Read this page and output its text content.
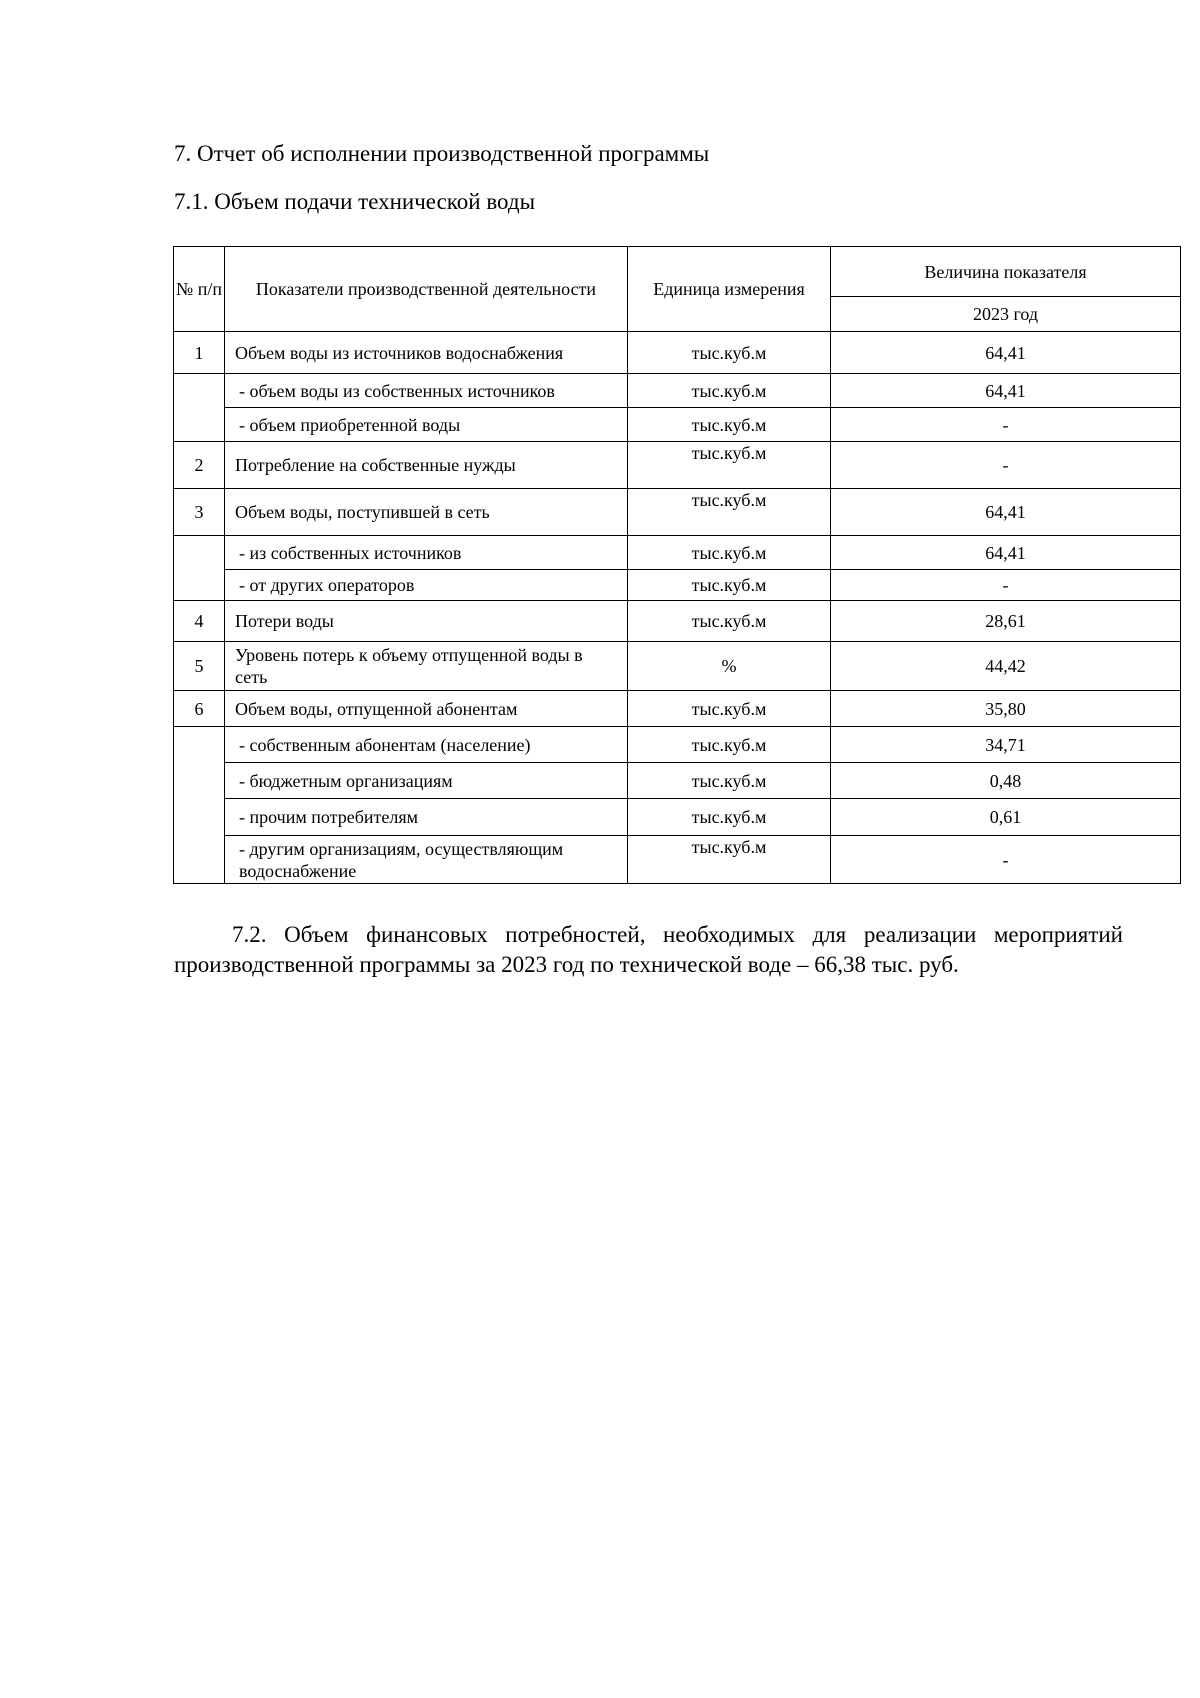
7. Отчет об исполнении производственной программы

7.1. Объем подачи технической воды

№ п/п	Показатели производственной деятельности	Единица измерения	Величина показателя
			2023 год
1	Объем воды из источников водоснабжения	тыс.куб.м	64,41
	- объем воды из собственных источников	тыс.куб.м	64,41
	- объем приобретенной воды	тыс.куб.м	-
2	Потребление на собственные нужды	тыс.куб.м	-
3	Объем воды, поступившей в сеть	тыс.куб.м	64,41
	- из собственных источников	тыс.куб.м	64,41
	- от других операторов	тыс.куб.м	-
4	Потери воды	тыс.куб.м	28,61
5	Уровень потерь к объему отпущенной воды в сеть	%	44,42
6	Объем воды, отпущенной абонентам	тыс.куб.м	35,80
	- собственным абонентам (население)	тыс.куб.м	34,71
	- бюджетным организациям	тыс.куб.м	0,48
	- прочим потребителям	тыс.куб.м	0,61
	- другим организациям, осуществляющим водоснабжение	тыс.куб.м	-

7.2. Объем финансовых потребностей, необходимых для реализации мероприятий производственной программы за 2023 год по технической воде – 66,38 тыс. руб.
